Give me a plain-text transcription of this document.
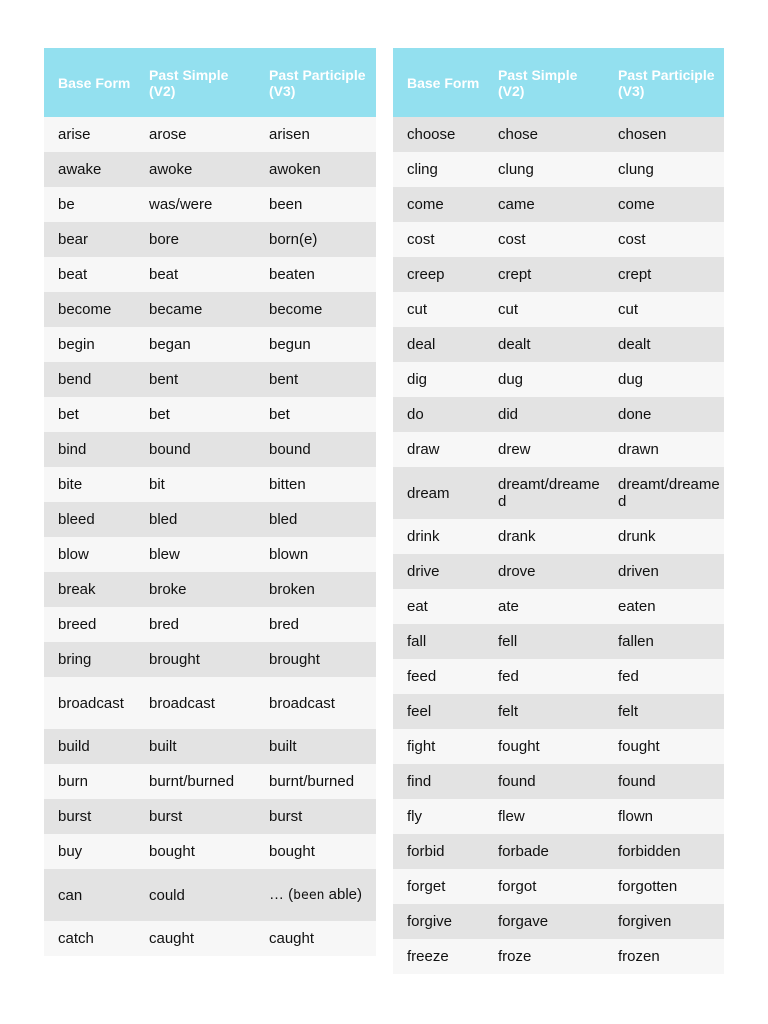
Base Form	Past Simple (V2)	Past Participle (V3)
arise	arose	arisen
awake	awoke	awoken
be	was/were	been
bear	bore	born(e)
beat	beat	beaten
become	became	become
begin	began	begun
bend	bent	bent
bet	bet	bet
bind	bound	bound
bite	bit	bitten
bleed	bled	bled
blow	blew	blown
break	broke	broken
breed	bred	bred
bring	brought	brought
broadcast	broadcast	broadcast
build	built	built
burn	burnt/burned	burnt/burned
burst	burst	burst
buy	bought	bought
can	could	… (been able)
catch	caught	caught
Base Form	Past Simple (V2)	Past Participle (V3)
choose	chose	chosen
cling	clung	clung
come	came	come
cost	cost	cost
creep	crept	crept
cut	cut	cut
deal	dealt	dealt
dig	dug	dug
do	did	done
draw	drew	drawn
dream	dreamt/dreamed	dreamt/dreamed
drink	drank	drunk
drive	drove	driven
eat	ate	eaten
fall	fell	fallen
feed	fed	fed
feel	felt	felt
fight	fought	fought
find	found	found
fly	flew	flown
forbid	forbade	forbidden
forget	forgot	forgotten
forgive	forgave	forgiven
freeze	froze	frozen
